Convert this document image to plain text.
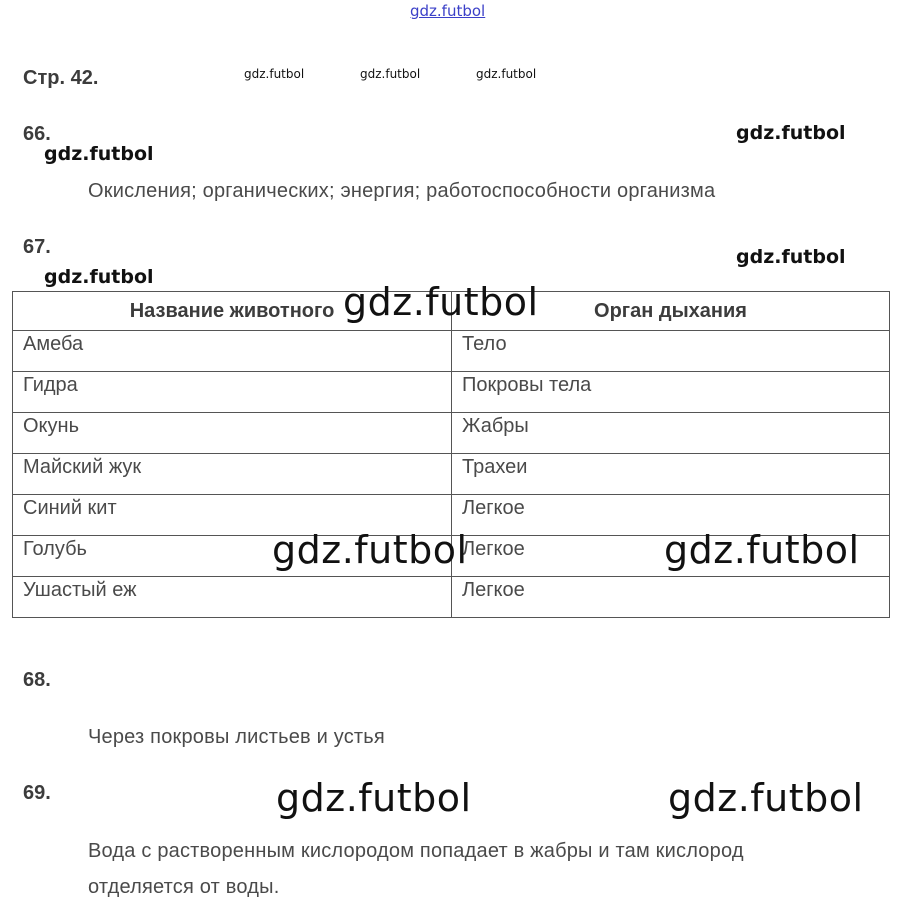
gdz.futbol
gdz.futbol	gdz.futbol	gdz.futbol
gdz.futbol
gdz.futbol
gdz.futbol
gdz.futbol
Стр. 42.
66.
Окисления; органических; энергия; работоспособности организма
67.
Название животного	Орган дыхания
Амеба	Тело
Гидра	Покровы тела
Окунь	Жабры
Майский жук	Трахеи
Синий кит	Легкое
Голубь	Легкое
Ушастый еж	Легкое
gdz.futbol
gdz.futbol	gdz.futbol
68.
Через покровы листьев и устья
69.	gdz.futbol	gdz.futbol
Вода с растворенным кислородом попадает в жабры и там кислород
отделяется от воды.
